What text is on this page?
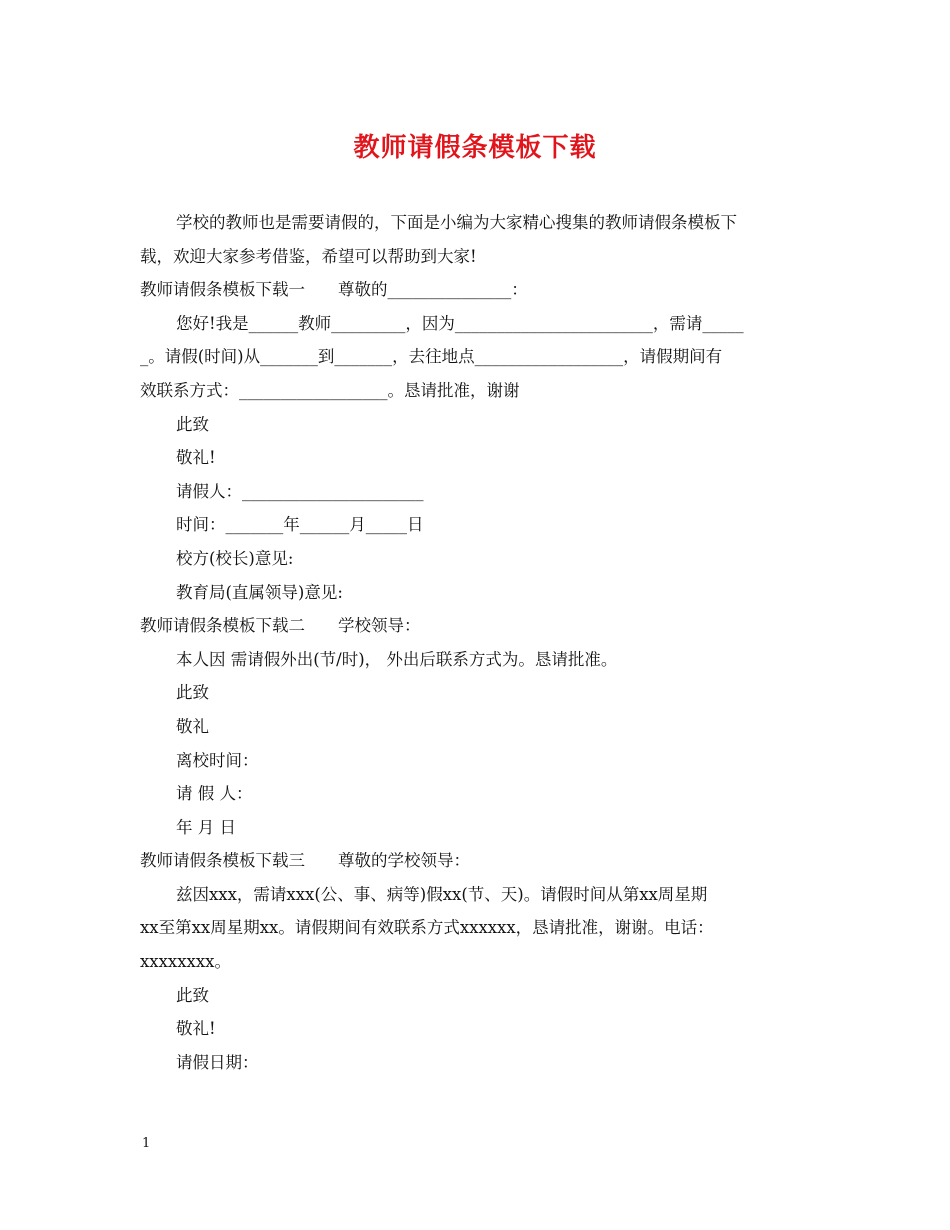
教师请假条模板下载

学校的教师也是需要请假的，下面是小编为大家精心搜集的教师请假条模板下

载，欢迎大家参考借鉴，希望可以帮助到大家!

教师请假条模板下载一　　尊敬的_______________：

您好!我是______教师_________，因为________________________，需请_____

_。请假(时间)从_______到_______，去往地点__________________，请假期间有

效联系方式：__________________。恳请批准，谢谢

此致

敬礼!

请假人：______________________

时间：_______年______月_____日

校方(校长)意见:

教育局(直属领导)意见:

教师请假条模板下载二　　学校领导：

本人因 需请假外出(节/时)， 外出后联系方式为。恳请批准。

此致

敬礼

离校时间：

请 假 人：

年 月 日

教师请假条模板下载三　　尊敬的学校领导：

兹因xxx，需请xxx(公、事、病等)假xx(节、天)。请假时间从第xx周星期

xx至第xx周星期xx。请假期间有效联系方式xxxxxx，恳请批准，谢谢。电话：

xxxxxxxx。

此致

敬礼!

请假日期：

1
